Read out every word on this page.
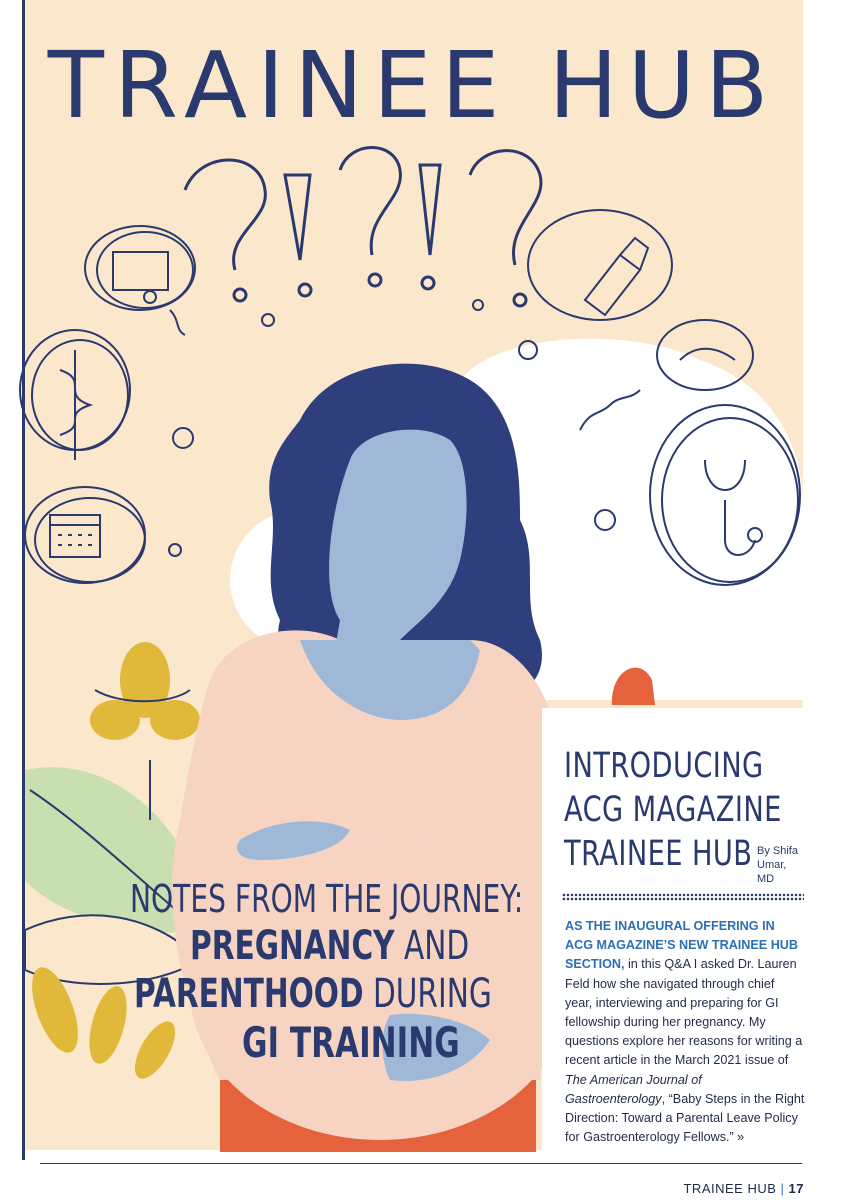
TRAINEE HUB
NOTES FROM THE JOURNEY:
PREGNANCY AND
PARENTHOOD DURING
GI TRAINING
INTRODUCING
ACG MAGAZINE
TRAINEE HUB By Shifa
Umar, MD
AS THE INAUGURAL OFFERING IN ACG MAGAZINE’S NEW TRAINEE HUB SECTION, in this Q&A I asked Dr. Lauren Feld how she navigated through chief year, interviewing and preparing for GI fellowship during her pregnancy. My questions explore her reasons for writing a recent article in the March 2021 issue of The American Journal of Gastroenterology, “Baby Steps in the Right Direction: Toward a Parental Leave Policy for Gastroenterology Fellows.” »
TRAINEE HUB | 17
